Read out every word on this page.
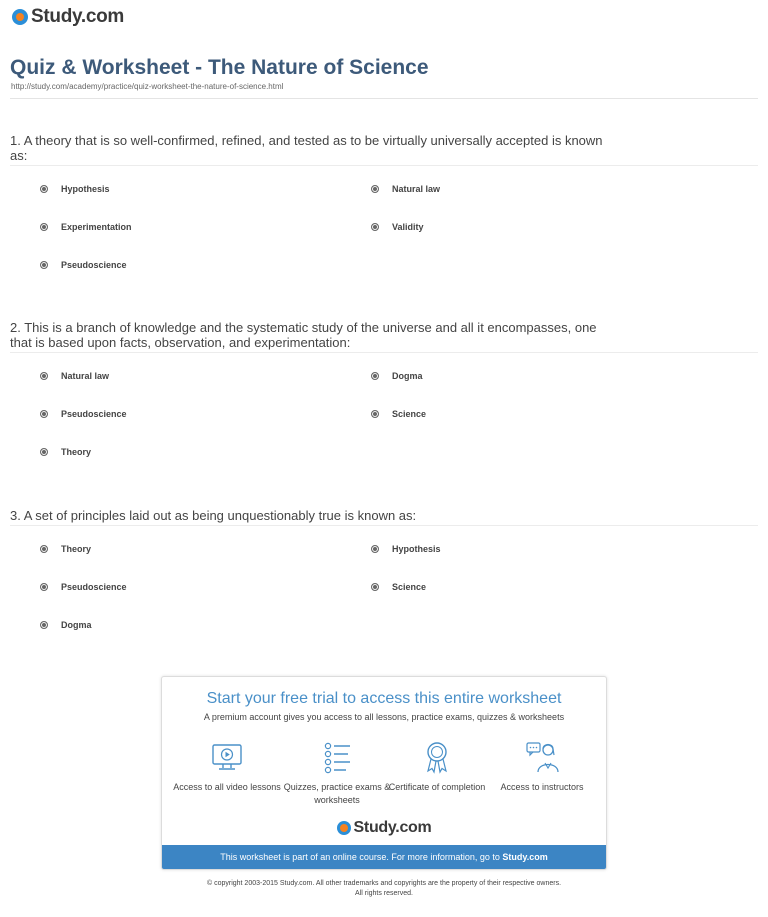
Study.com
Quiz & Worksheet - The Nature of Science
http://study.com/academy/practice/quiz-worksheet-the-nature-of-science.html
1. A theory that is so well-confirmed, refined, and tested as to be virtually universally accepted is known as:
Hypothesis	Natural law
Experimentation	Validity
Pseudoscience
2. This is a branch of knowledge and the systematic study of the universe and all it encompasses, one that is based upon facts, observation, and experimentation:
Natural law	Dogma
Pseudoscience	Science
Theory
3. A set of principles laid out as being unquestionably true is known as:
Theory	Hypothesis
Pseudoscience	Science
Dogma
Start your free trial to access this entire worksheet
A premium account gives you access to all lessons, practice exams, quizzes & worksheets
Access to all video lessons Quizzes, practice exams & worksheets
Certificate of completion	Access to instructors
Study.com
This worksheet is part of an online course. For more information, go to Study.com
© copyright 2003-2015 Study.com. All other trademarks and copyrights are the property of their respective owners.
All rights reserved.
